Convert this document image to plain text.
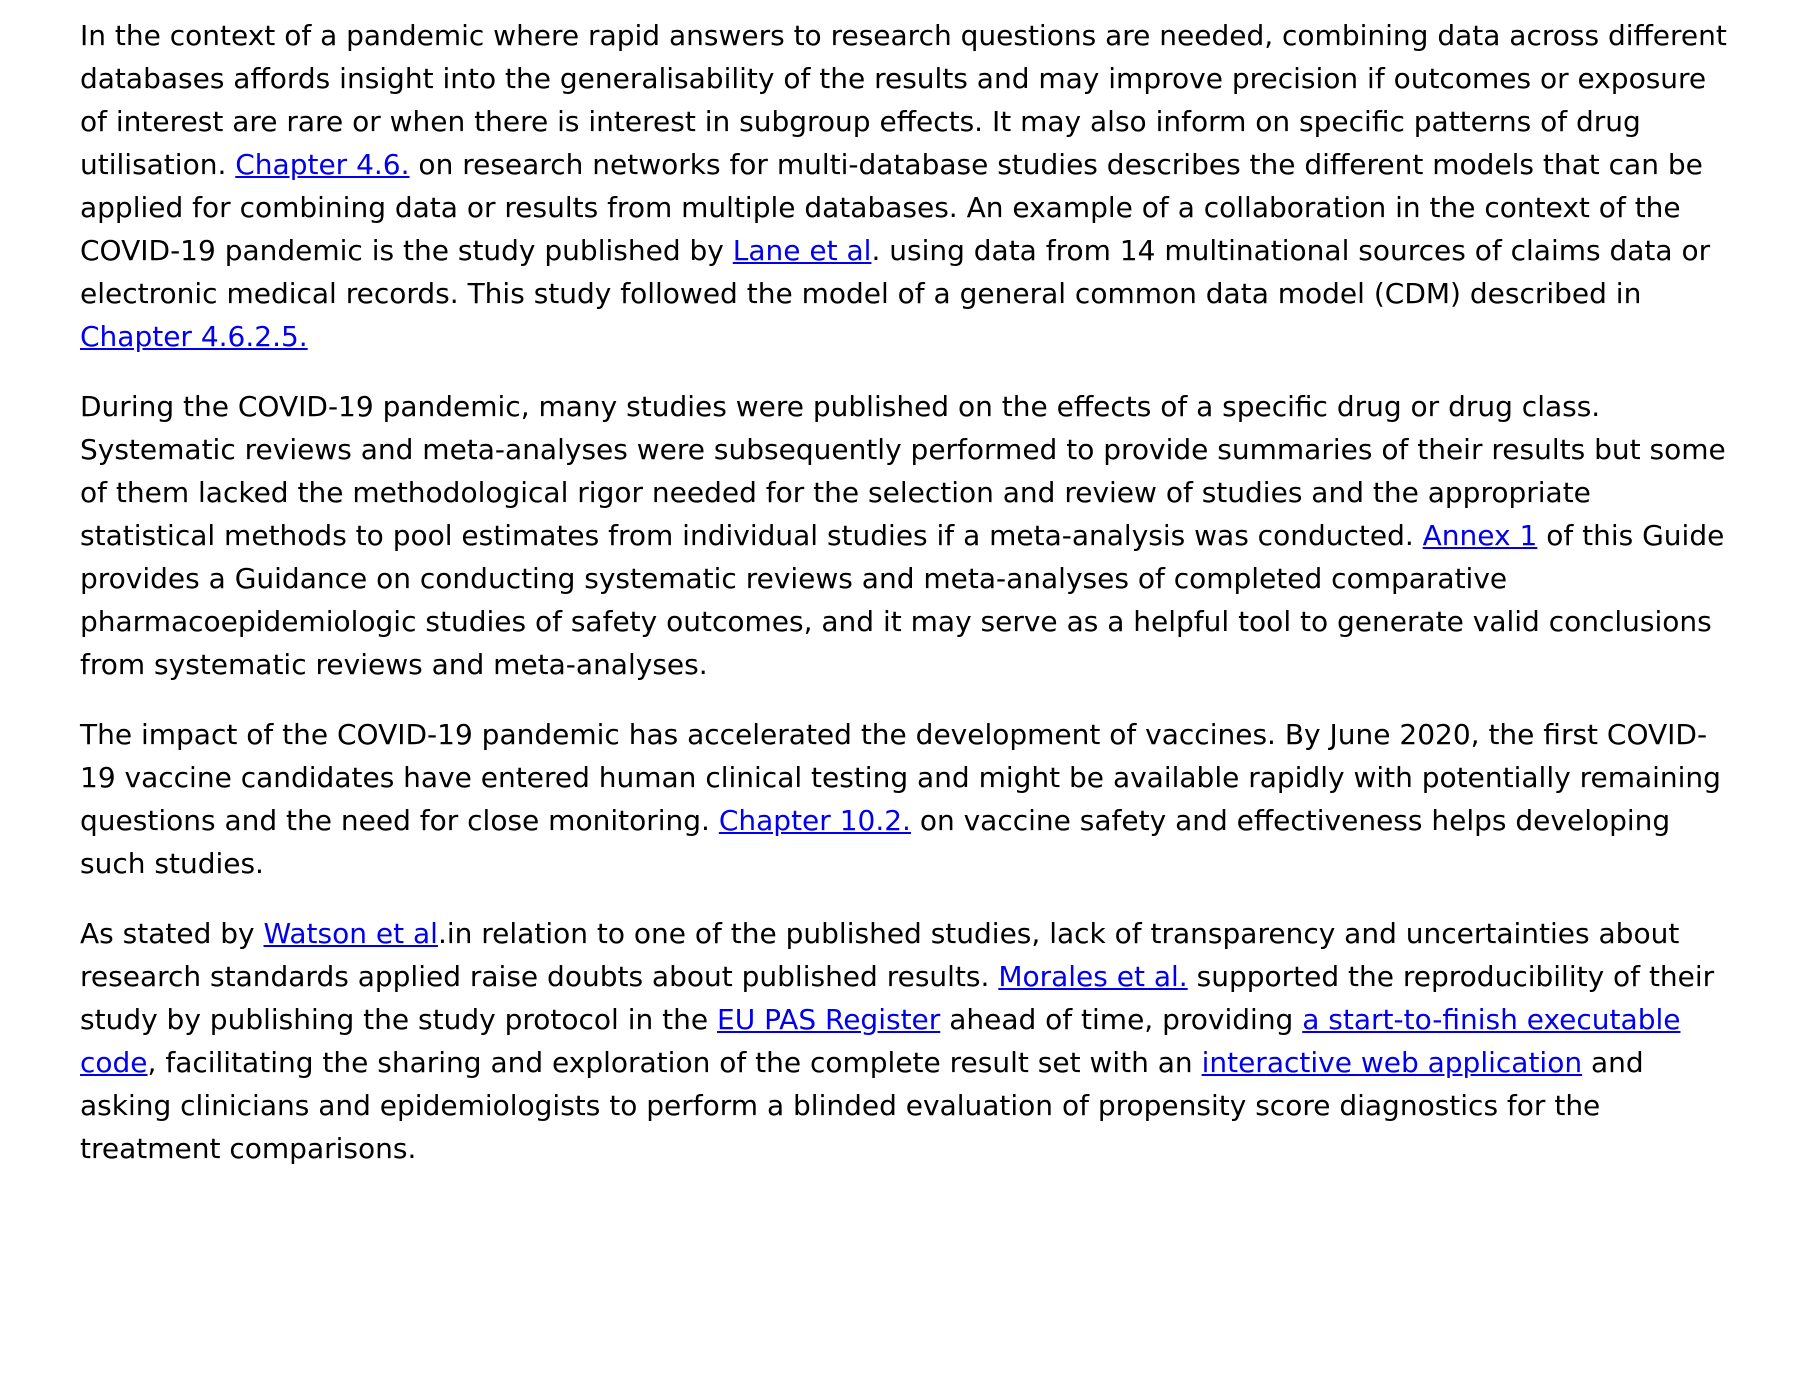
In the context of a pandemic where rapid answers to research questions are needed, combining data across different databases affords insight into the generalisability of the results and may improve precision if outcomes or exposure of interest are rare or when there is interest in subgroup effects. It may also inform on specific patterns of drug utilisation. Chapter 4.6. on research networks for multi-database studies describes the different models that can be applied for combining data or results from multiple databases. An example of a collaboration in the context of the COVID-19 pandemic is the study published by Lane et al. using data from 14 multinational sources of claims data or electronic medical records. This study followed the model of a general common data model (CDM) described in Chapter 4.6.2.5.

During the COVID-19 pandemic, many studies were published on the effects of a specific drug or drug class. Systematic reviews and meta-analyses were subsequently performed to provide summaries of their results but some of them lacked the methodological rigor needed for the selection and review of studies and the appropriate statistical methods to pool estimates from individual studies if a meta-analysis was conducted. Annex 1 of this Guide provides a Guidance on conducting systematic reviews and meta-analyses of completed comparative pharmacoepidemiologic studies of safety outcomes, and it may serve as a helpful tool to generate valid conclusions from systematic reviews and meta-analyses.

The impact of the COVID-19 pandemic has accelerated the development of vaccines. By June 2020, the first COVID-19 vaccine candidates have entered human clinical testing and might be available rapidly with potentially remaining questions and the need for close monitoring. Chapter 10.2. on vaccine safety and effectiveness helps developing such studies.

As stated by Watson et al.in relation to one of the published studies, lack of transparency and uncertainties about research standards applied raise doubts about published results. Morales et al. supported the reproducibility of their study by publishing the study protocol in the EU PAS Register ahead of time, providing a start-to-finish executable code, facilitating the sharing and exploration of the complete result set with an interactive web application and asking clinicians and epidemiologists to perform a blinded evaluation of propensity score diagnostics for the treatment comparisons.
